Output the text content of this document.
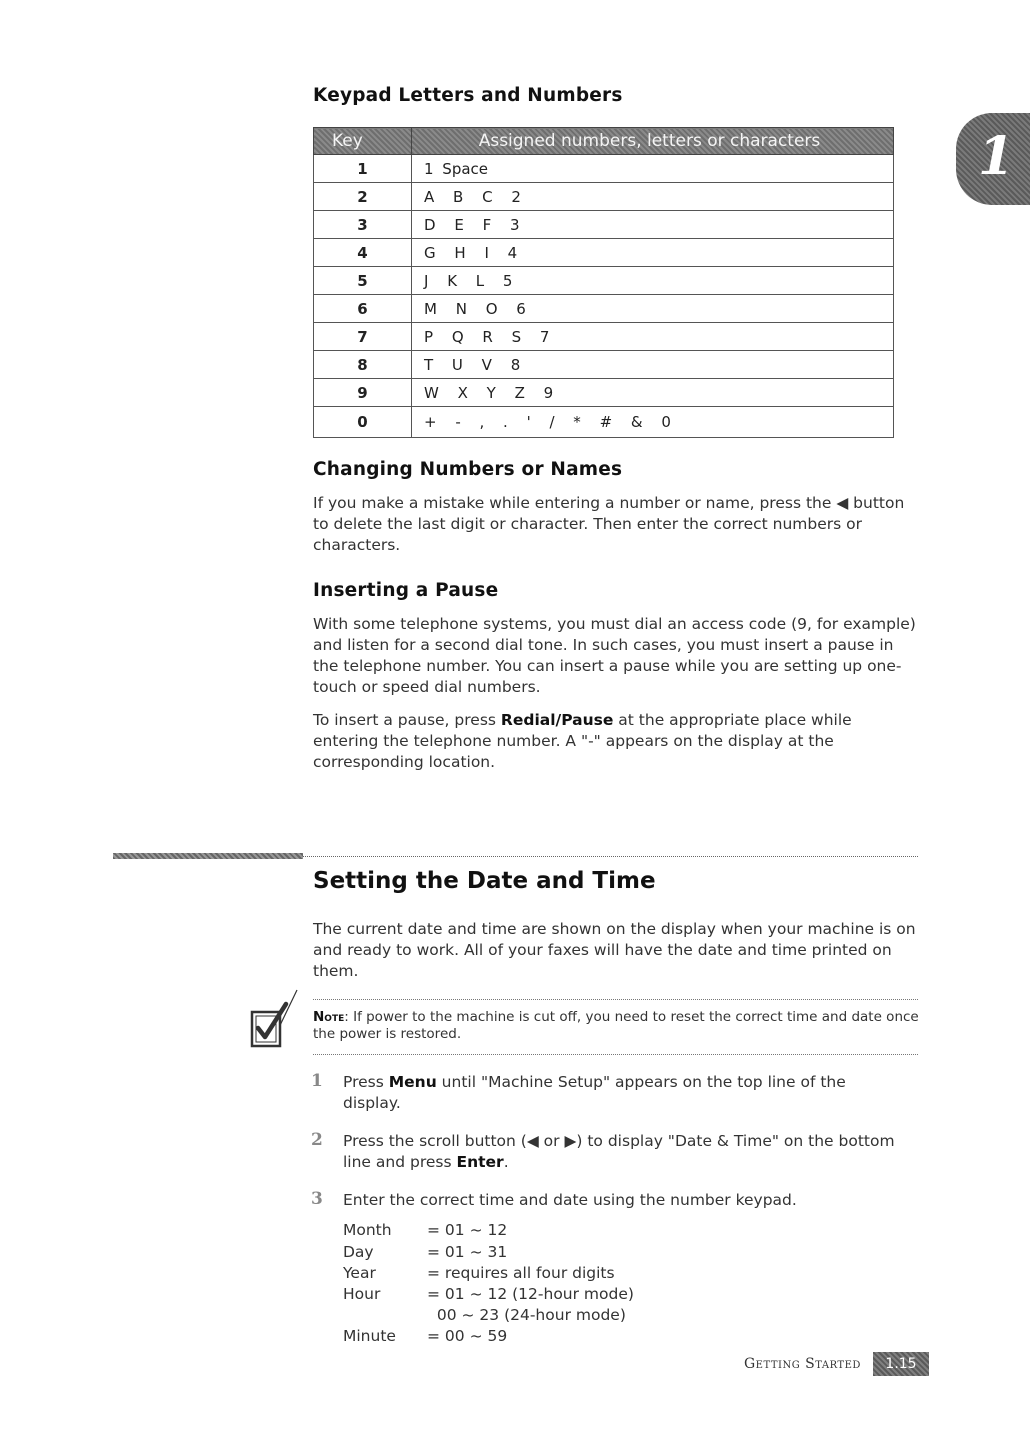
1
Keypad Letters and Numbers
Key	Assigned numbers, letters or characters
1	1 Space
2	A B C 2
3	D E F 3
4	G H I 4
5	J K L 5
6	M N O 6
7	P Q R S 7
8	T U V 8
9	W X Y Z 9
0	+ - , . ' / * # & 0
Changing Numbers or Names

If you make a mistake while entering a number or name, press the ◀ button to delete the last digit or character. Then enter the correct numbers or characters.

Inserting a Pause

With some telephone systems, you must dial an access code (9, for example) and listen for a second dial tone. In such cases, you must insert a pause in the telephone number. You can insert a pause while you are setting up one-touch or speed dial numbers.

To insert a pause, press Redial/Pause at the appropriate place while entering the telephone number. A "-" appears on the display at the corresponding location.

Setting the Date and Time

The current date and time are shown on the display when your machine is on and ready to work. All of your faxes will have the date and time printed on them.

Note: If power to the machine is cut off, you need to reset the correct time and date once the power is restored.

1 Press Menu until "Machine Setup" appears on the top line of the display.

2 Press the scroll button (◀ or ▶) to display "Date & Time" on the bottom line and press Enter.

3 Enter the correct time and date using the number keypad.

Month = 01 ~ 12
Day	= 01 ~ 31
Year	= requires all four digits
Hour	= 01 ~ 12 (12-hour mode)
00 ~ 23 (24-hour mode)
Minute = 00 ~ 59

Getting Started	1.15
